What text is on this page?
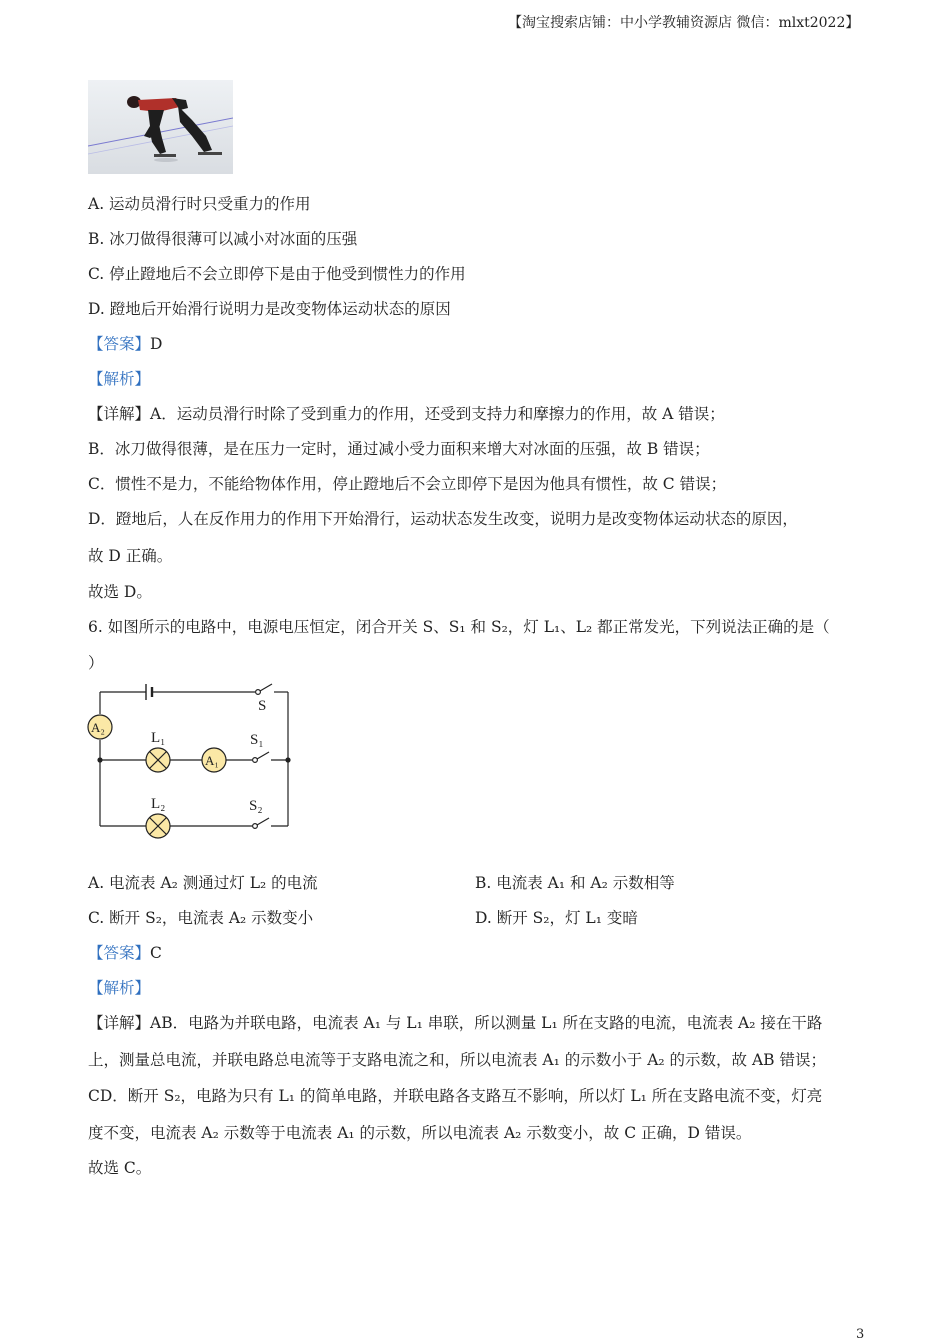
【淘宝搜索店铺：中小学教辅资源店 微信：mlxt2022】
A. 运动员滑行时只受重力的作用
B. 冰刀做得很薄可以减小对冰面的压强
C. 停止蹬地后不会立即停下是由于他受到惯性力的作用
D. 蹬地后开始滑行说明力是改变物体运动状态的原因
【答案】D
【解析】
【详解】A．运动员滑行时除了受到重力的作用，还受到支持力和摩擦力的作用，故 A 错误；
B．冰刀做得很薄，是在压力一定时，通过减小受力面积来增大对冰面的压强，故 B 错误；
C．惯性不是力，不能给物体作用，停止蹬地后不会立即停下是因为他具有惯性，故 C 错误；
D．蹬地后，人在反作用力的作用下开始滑行，运动状态发生改变，说明力是改变物体运动状态的原因，
故 D 正确。
故选 D。
6. 如图所示的电路中，电源电压恒定，闭合开关 S、S₁ 和 S₂，灯 L₁、L₂ 都正常发光，下列说法正确的是（
）
S
S₁
S₂
L₁
L₂
A₁
A₂
A. 电流表 A₂ 测通过灯 L₂ 的电流	B. 电流表 A₁ 和 A₂ 示数相等
C. 断开 S₂，电流表 A₂ 示数变小	D. 断开 S₂，灯 L₁ 变暗
【答案】C
【解析】
【详解】AB．电路为并联电路，电流表 A₁ 与 L₁ 串联，所以测量 L₁ 所在支路的电流，电流表 A₂ 接在干路
上，测量总电流，并联电路总电流等于支路电流之和，所以电流表 A₁ 的示数小于 A₂ 的示数，故 AB 错误；
CD．断开 S₂，电路为只有 L₁ 的简单电路，并联电路各支路互不影响，所以灯 L₁ 所在支路电流不变，灯亮
度不变，电流表 A₂ 示数等于电流表 A₁ 的示数，所以电流表 A₂ 示数变小，故 C 正确，D 错误。
故选 C。
3
